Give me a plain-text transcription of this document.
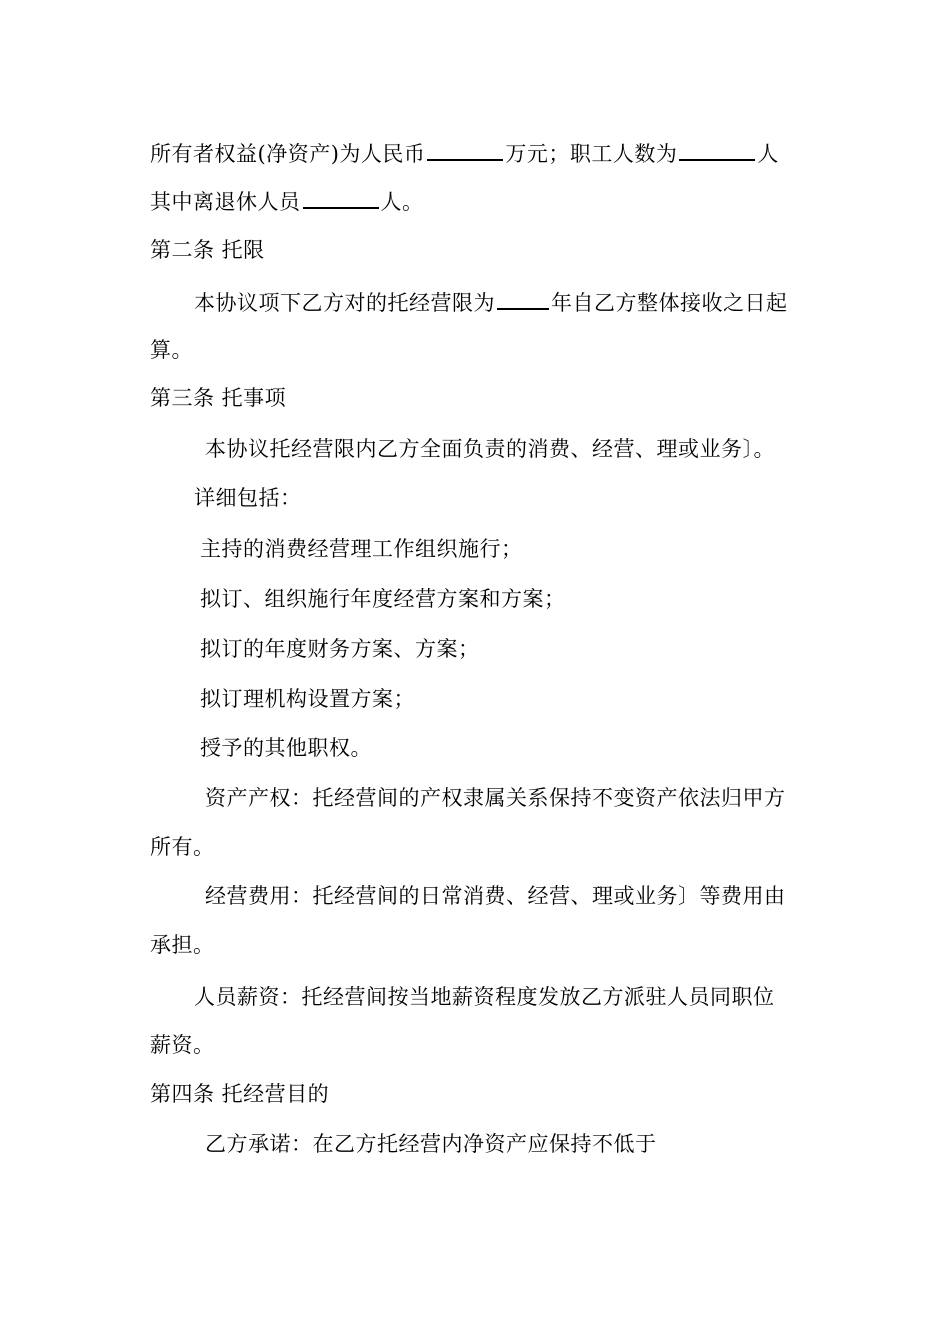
所有者权益(净资产)为人民币	万元；职工人数为	人
其中离退休人员	人。
第二条 托限
本协议项下乙方对的托经营限为	年自乙方整体接收之日起
算。
第三条 托事项
本协议托经营限内乙方全面负责的消费、经营、理或业务〕。
详细包括：
主持的消费经营理工作组织施行；
拟订、组织施行年度经营方案和方案；
拟订的年度财务方案、方案；
拟订理机构设置方案；
授予的其他职权。
资产产权：托经营间的产权隶属关系保持不变资产依法归甲方
所有。
经营费用：托经营间的日常消费、经营、理或业务〕等费用由
承担。
人员薪资：托经营间按当地薪资程度发放乙方派驻人员同职位
薪资。
第四条 托经营目的
乙方承诺：在乙方托经营内净资产应保持不低于
